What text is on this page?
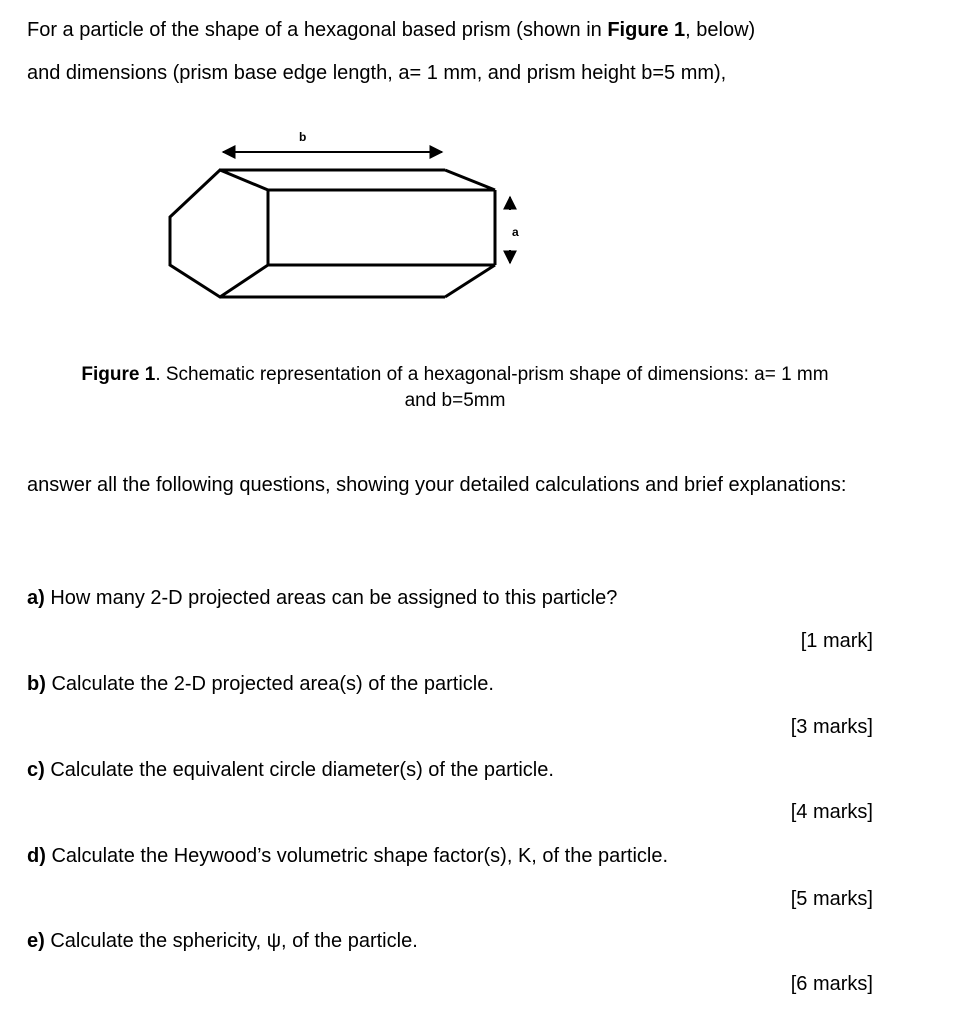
For a particle of the shape of a hexagonal based prism (shown in Figure 1, below)
and dimensions (prism base edge length, a= 1 mm, and prism height b=5 mm),
b
a
Figure 1. Schematic representation of a hexagonal-prism shape of dimensions: a= 1 mm
and b=5mm
answer all the following questions, showing your detailed calculations and brief explanations:
a) How many 2-D projected areas can be assigned to this particle?
[1 mark]
b) Calculate the 2-D projected area(s) of the particle.
[3 marks]
c) Calculate the equivalent circle diameter(s) of the particle.
[4 marks]
d) Calculate the Heywood’s volumetric shape factor(s), K, of the particle.
[5 marks]
e) Calculate the sphericity, ψ, of the particle.
[6 marks]
